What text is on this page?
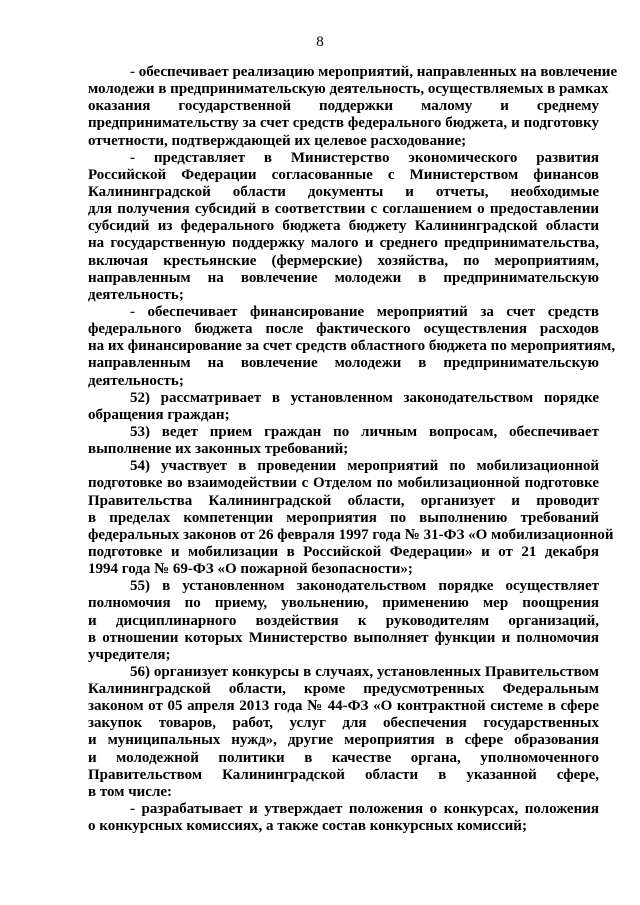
8
- обеспечивает реализацию мероприятий, направленных на вовлечение
молодежи в предпринимательскую деятельность, осуществляемых в рамках
оказания государственной поддержки малому и среднему
предпринимательству за счет средств федерального бюджета, и подготовку
отчетности, подтверждающей их целевое расходование;
- представляет в Министерство экономического развития
Российской Федерации согласованные с Министерством финансов
Калининградской области документы и отчеты, необходимые
для получения субсидий в соответствии с соглашением о предоставлении
субсидий из федерального бюджета бюджету Калининградской области
на государственную поддержку малого и среднего предпринимательства,
включая крестьянские (фермерские) хозяйства, по мероприятиям,
направленным на вовлечение молодежи в предпринимательскую
деятельность;
- обеспечивает финансирование мероприятий за счет средств
федерального бюджета после фактического осуществления расходов
на их финансирование за счет средств областного бюджета по мероприятиям,
направленным на вовлечение молодежи в предпринимательскую
деятельность;
52) рассматривает в установленном законодательством порядке
обращения граждан;
53) ведет прием граждан по личным вопросам, обеспечивает
выполнение их законных требований;
54) участвует в проведении мероприятий по мобилизационной
подготовке во взаимодействии с Отделом по мобилизационной подготовке
Правительства Калининградской области, организует и проводит
в пределах компетенции мероприятия по выполнению требований
федеральных законов от 26 февраля 1997 года № 31-ФЗ «О мобилизационной
подготовке и мобилизации в Российской Федерации» и от 21 декабря
1994 года № 69-ФЗ «О пожарной безопасности»;
55) в установленном законодательством порядке осуществляет
полномочия по приему, увольнению, применению мер поощрения
и дисциплинарного воздействия к руководителям организаций,
в отношении которых Министерство выполняет функции и полномочия
учредителя;
56) организует конкурсы в случаях, установленных Правительством
Калининградской области, кроме предусмотренных Федеральным
законом от 05 апреля 2013 года № 44-ФЗ «О контрактной системе в сфере
закупок товаров, работ, услуг для обеспечения государственных
и муниципальных нужд», другие мероприятия в сфере образования
и молодежной политики в качестве органа, уполномоченного
Правительством Калининградской области в указанной сфере,
в том числе:
- разрабатывает и утверждает положения о конкурсах, положения
о конкурсных комиссиях, а также состав конкурсных комиссий;
